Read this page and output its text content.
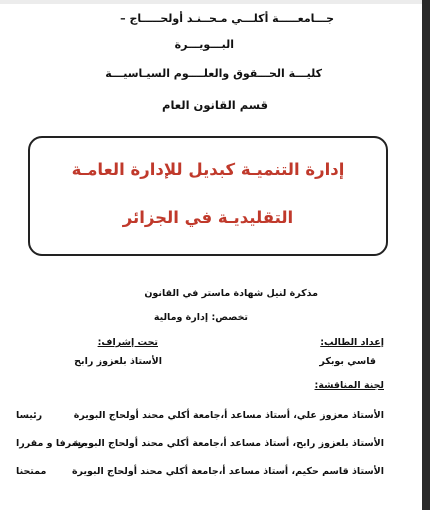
جـــامعـــــة أكلـــي مـحــنـد أولحـــــاج –
البـــويـــرة
كليـــة الحـــقوق والعلــــوم السيـاسيـــة
قسم القانون العام
إدارة التنميـة كبديل للإدارة العامـة
التقليديـة في الجزائر
مذكرة لنيل شهادة ماستر في القانون
تخصص: إدارة ومالية
إعداد الطالب:
تحت إشراف:
قاسي بوبكر
الأستاذ بلعزوز رابح
لجنة المناقشة:
الأستاذ معزوز علي، أستاذ مساعد أ،جامعة أكلي محند أولحاج البويرة
رئيسا
الأستاذ بلعزوز رابح، أستاذ مساعد أ،جامعة أكلي محند أولحاج البويرة
مشرفا و مقررا
الأستاذ قاسم حكيم، أستاذ مساعد أ،جامعة أكلي محند أولحاج البويرة
ممتحنا
